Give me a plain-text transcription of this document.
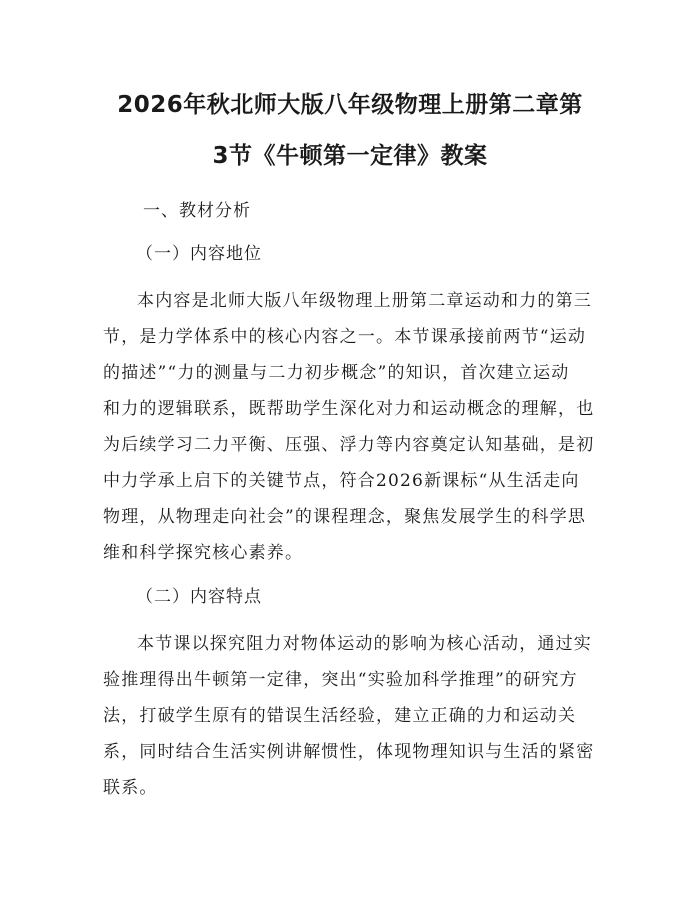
2026年秋北师大版八年级物理上册第二章第
3节《牛顿第一定律》教案
一、教材分析
（一）内容地位
本内容是北师大版八年级物理上册第二章运动和力的第三
节，是力学体系中的核心内容之一。本节课承接前两节“运动
的描述”“力的测量与二力初步概念”的知识，首次建立运动
和力的逻辑联系，既帮助学生深化对力和运动概念的理解，也
为后续学习二力平衡、压强、浮力等内容奠定认知基础，是初
中力学承上启下的关键节点，符合2026新课标“从生活走向
物理，从物理走向社会”的课程理念，聚焦发展学生的科学思
维和科学探究核心素养。
（二）内容特点
本节课以探究阻力对物体运动的影响为核心活动，通过实
验推理得出牛顿第一定律，突出“实验加科学推理”的研究方
法，打破学生原有的错误生活经验，建立正确的力和运动关
系，同时结合生活实例讲解惯性，体现物理知识与生活的紧密
联系。
